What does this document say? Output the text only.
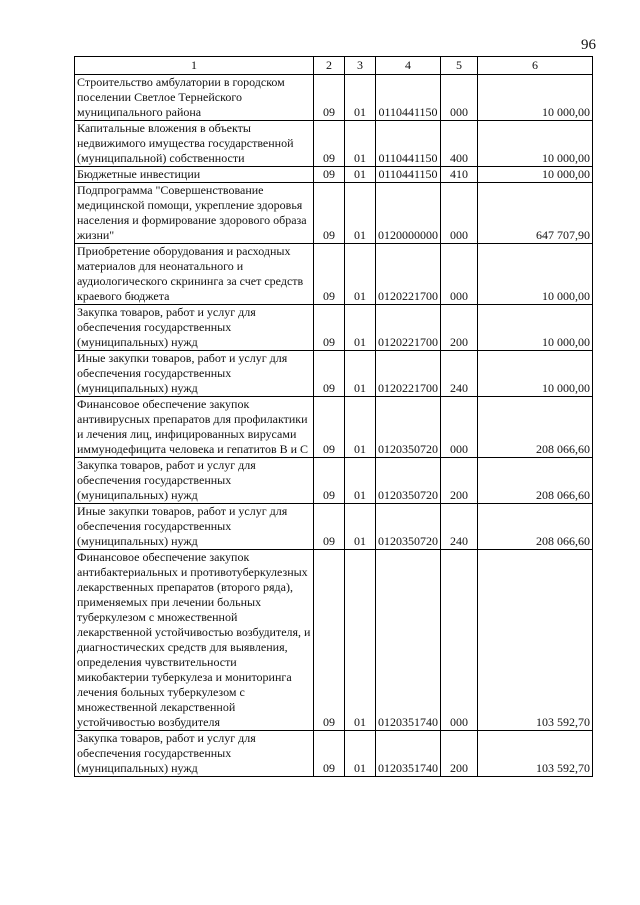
96
1	2	3	4	5	6
Строительство амбулатории в городском поселении Светлое Тернейского муниципального района	09	01	0110441150	000	10 000,00
Капитальные вложения в объекты недвижимого имущества государственной (муниципальной) собственности	09	01	0110441150	400	10 000,00
Бюджетные инвестиции	09	01	0110441150	410	10 000,00
Подпрограмма "Совершенствование медицинской помощи, укрепление здоровья населения и формирование здорового образа жизни"	09	01	0120000000	000	647 707,90
Приобретение оборудования и расходных материалов для неонатального и аудиологического скрининга за счет средств краевого бюджета	09	01	0120221700	000	10 000,00
Закупка товаров, работ и услуг для обеспечения государственных (муниципальных) нужд	09	01	0120221700	200	10 000,00
Иные закупки товаров, работ и услуг для обеспечения государственных (муниципальных) нужд	09	01	0120221700	240	10 000,00
Финансовое обеспечение закупок антивирусных препаратов для профилактики и лечения лиц, инфицированных вирусами иммунодефицита человека и гепатитов В и С	09	01	0120350720	000	208 066,60
Закупка товаров, работ и услуг для обеспечения государственных (муниципальных) нужд	09	01	0120350720	200	208 066,60
Иные закупки товаров, работ и услуг для обеспечения государственных (муниципальных) нужд	09	01	0120350720	240	208 066,60
Финансовое обеспечение закупок антибактериальных и противотуберкулезных лекарственных препаратов (второго ряда), применяемых при лечении больных туберкулезом с множественной лекарственной устойчивостью возбудителя, и диагностических средств для выявления, определения чувствительности микобактерии туберкулеза и мониторинга лечения больных туберкулезом с множественной лекарственной устойчивостью возбудителя	09	01	0120351740	000	103 592,70
Закупка товаров, работ и услуг для обеспечения государственных (муниципальных) нужд	09	01	0120351740	200	103 592,70
